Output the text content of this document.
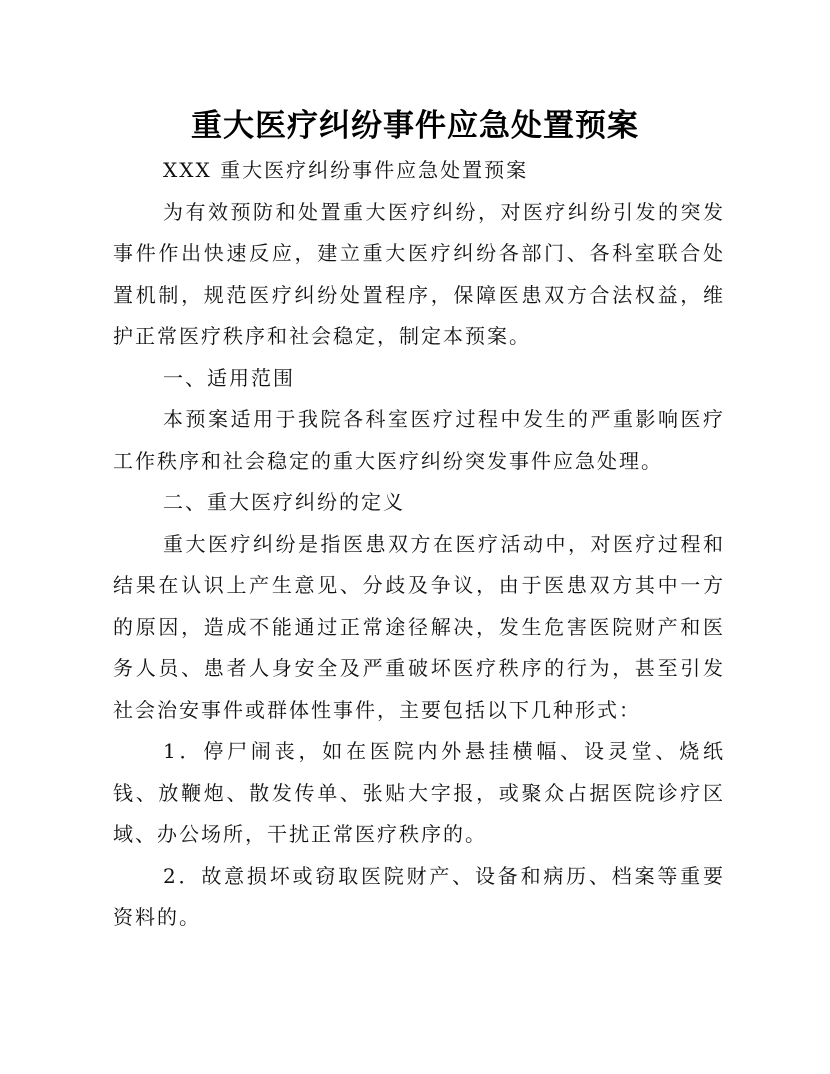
重大医疗纠纷事件应急处置预案

XXX 重大医疗纠纷事件应急处置预案

为有效预防和处置重大医疗纠纷，对医疗纠纷引发的突发事件作出快速反应，建立重大医疗纠纷各部门、各科室联合处置机制，规范医疗纠纷处置程序，保障医患双方合法权益，维护正常医疗秩序和社会稳定，制定本预案。

一、适用范围

本预案适用于我院各科室医疗过程中发生的严重影响医疗工作秩序和社会稳定的重大医疗纠纷突发事件应急处理。

二、重大医疗纠纷的定义

重大医疗纠纷是指医患双方在医疗活动中，对医疗过程和结果在认识上产生意见、分歧及争议，由于医患双方其中一方的原因，造成不能通过正常途径解决，发生危害医院财产和医务人员、患者人身安全及严重破坏医疗秩序的行为，甚至引发社会治安事件或群体性事件，主要包括以下几种形式：

1．停尸闹丧，如在医院内外悬挂横幅、设灵堂、烧纸钱、放鞭炮、散发传单、张贴大字报，或聚众占据医院诊疗区域、办公场所，干扰正常医疗秩序的。

2．故意损坏或窃取医院财产、设备和病历、档案等重要资料的。
